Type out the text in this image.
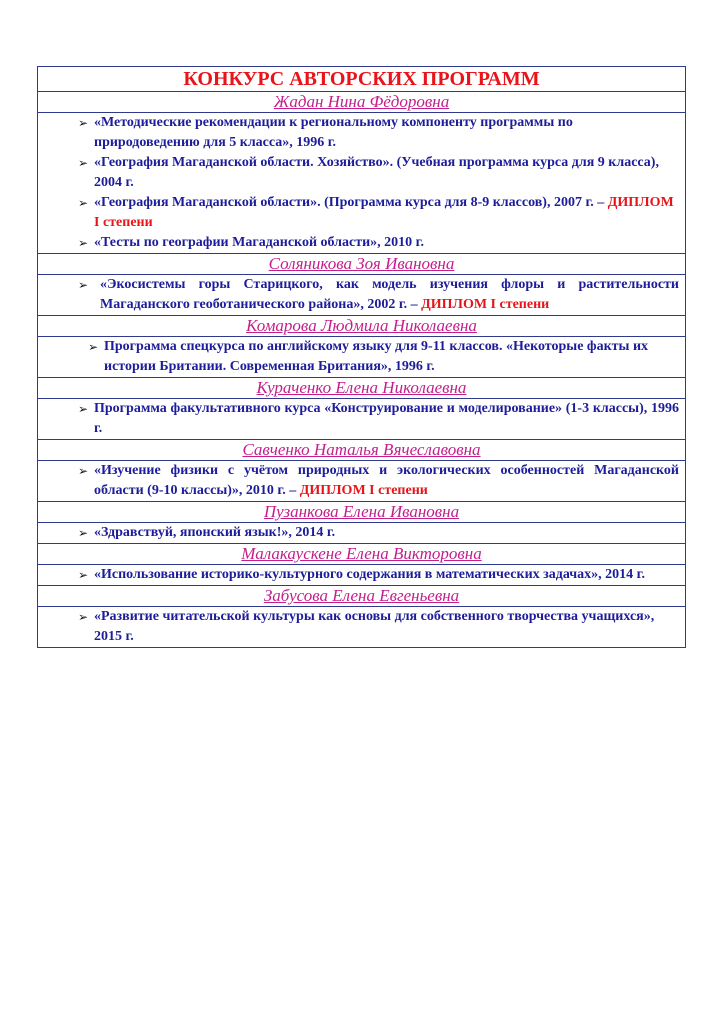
КОНКУРС АВТОРСКИХ ПРОГРАММ
Жадан Нина Фёдоровна

➢ «Методические рекомендации к региональному компоненту программы по природоведению для 5 класса», 1996 г.
➢ «География Магаданской области. Хозяйство». (Учебная программа курса для 9 класса), 2004 г.
➢ «География Магаданской области». (Программа курса для 8-9 классов), 2007 г. – ДИПЛОМ I степени
➢ «Тесты по географии Магаданской области», 2010 г.

Соляникова Зоя Ивановна

➢ «Экосистемы горы Старицкого, как модель изучения флоры и растительности Магаданского геоботанического района», 2002 г. – ДИПЛОМ I степени

Комарова Людмила Николаевна

➢ Программа спецкурса по английскому языку для 9-11 классов. «Некоторые факты их истории Британии. Современная Британия», 1996 г.

Кураченко Елена Николаевна

➢ Программа факультативного курса «Конструирование и моделирование» (1-3 классы), 1996 г.

Савченко Наталья Вячеславовна

➢ «Изучение физики с учётом природных и экологических особенностей Магаданской области (9-10 классы)», 2010 г. – ДИПЛОМ I степени

Пузанкова Елена Ивановна

➢ «Здравствуй, японский язык!», 2014 г.

Малакаускене Елена Викторовна

➢ «Использование историко-культурного содержания в математических задачах», 2014 г.

Забусова Елена Евгеньевна

➢ «Развитие читательской культуры как основы для собственного творчества учащихся», 2015 г.
